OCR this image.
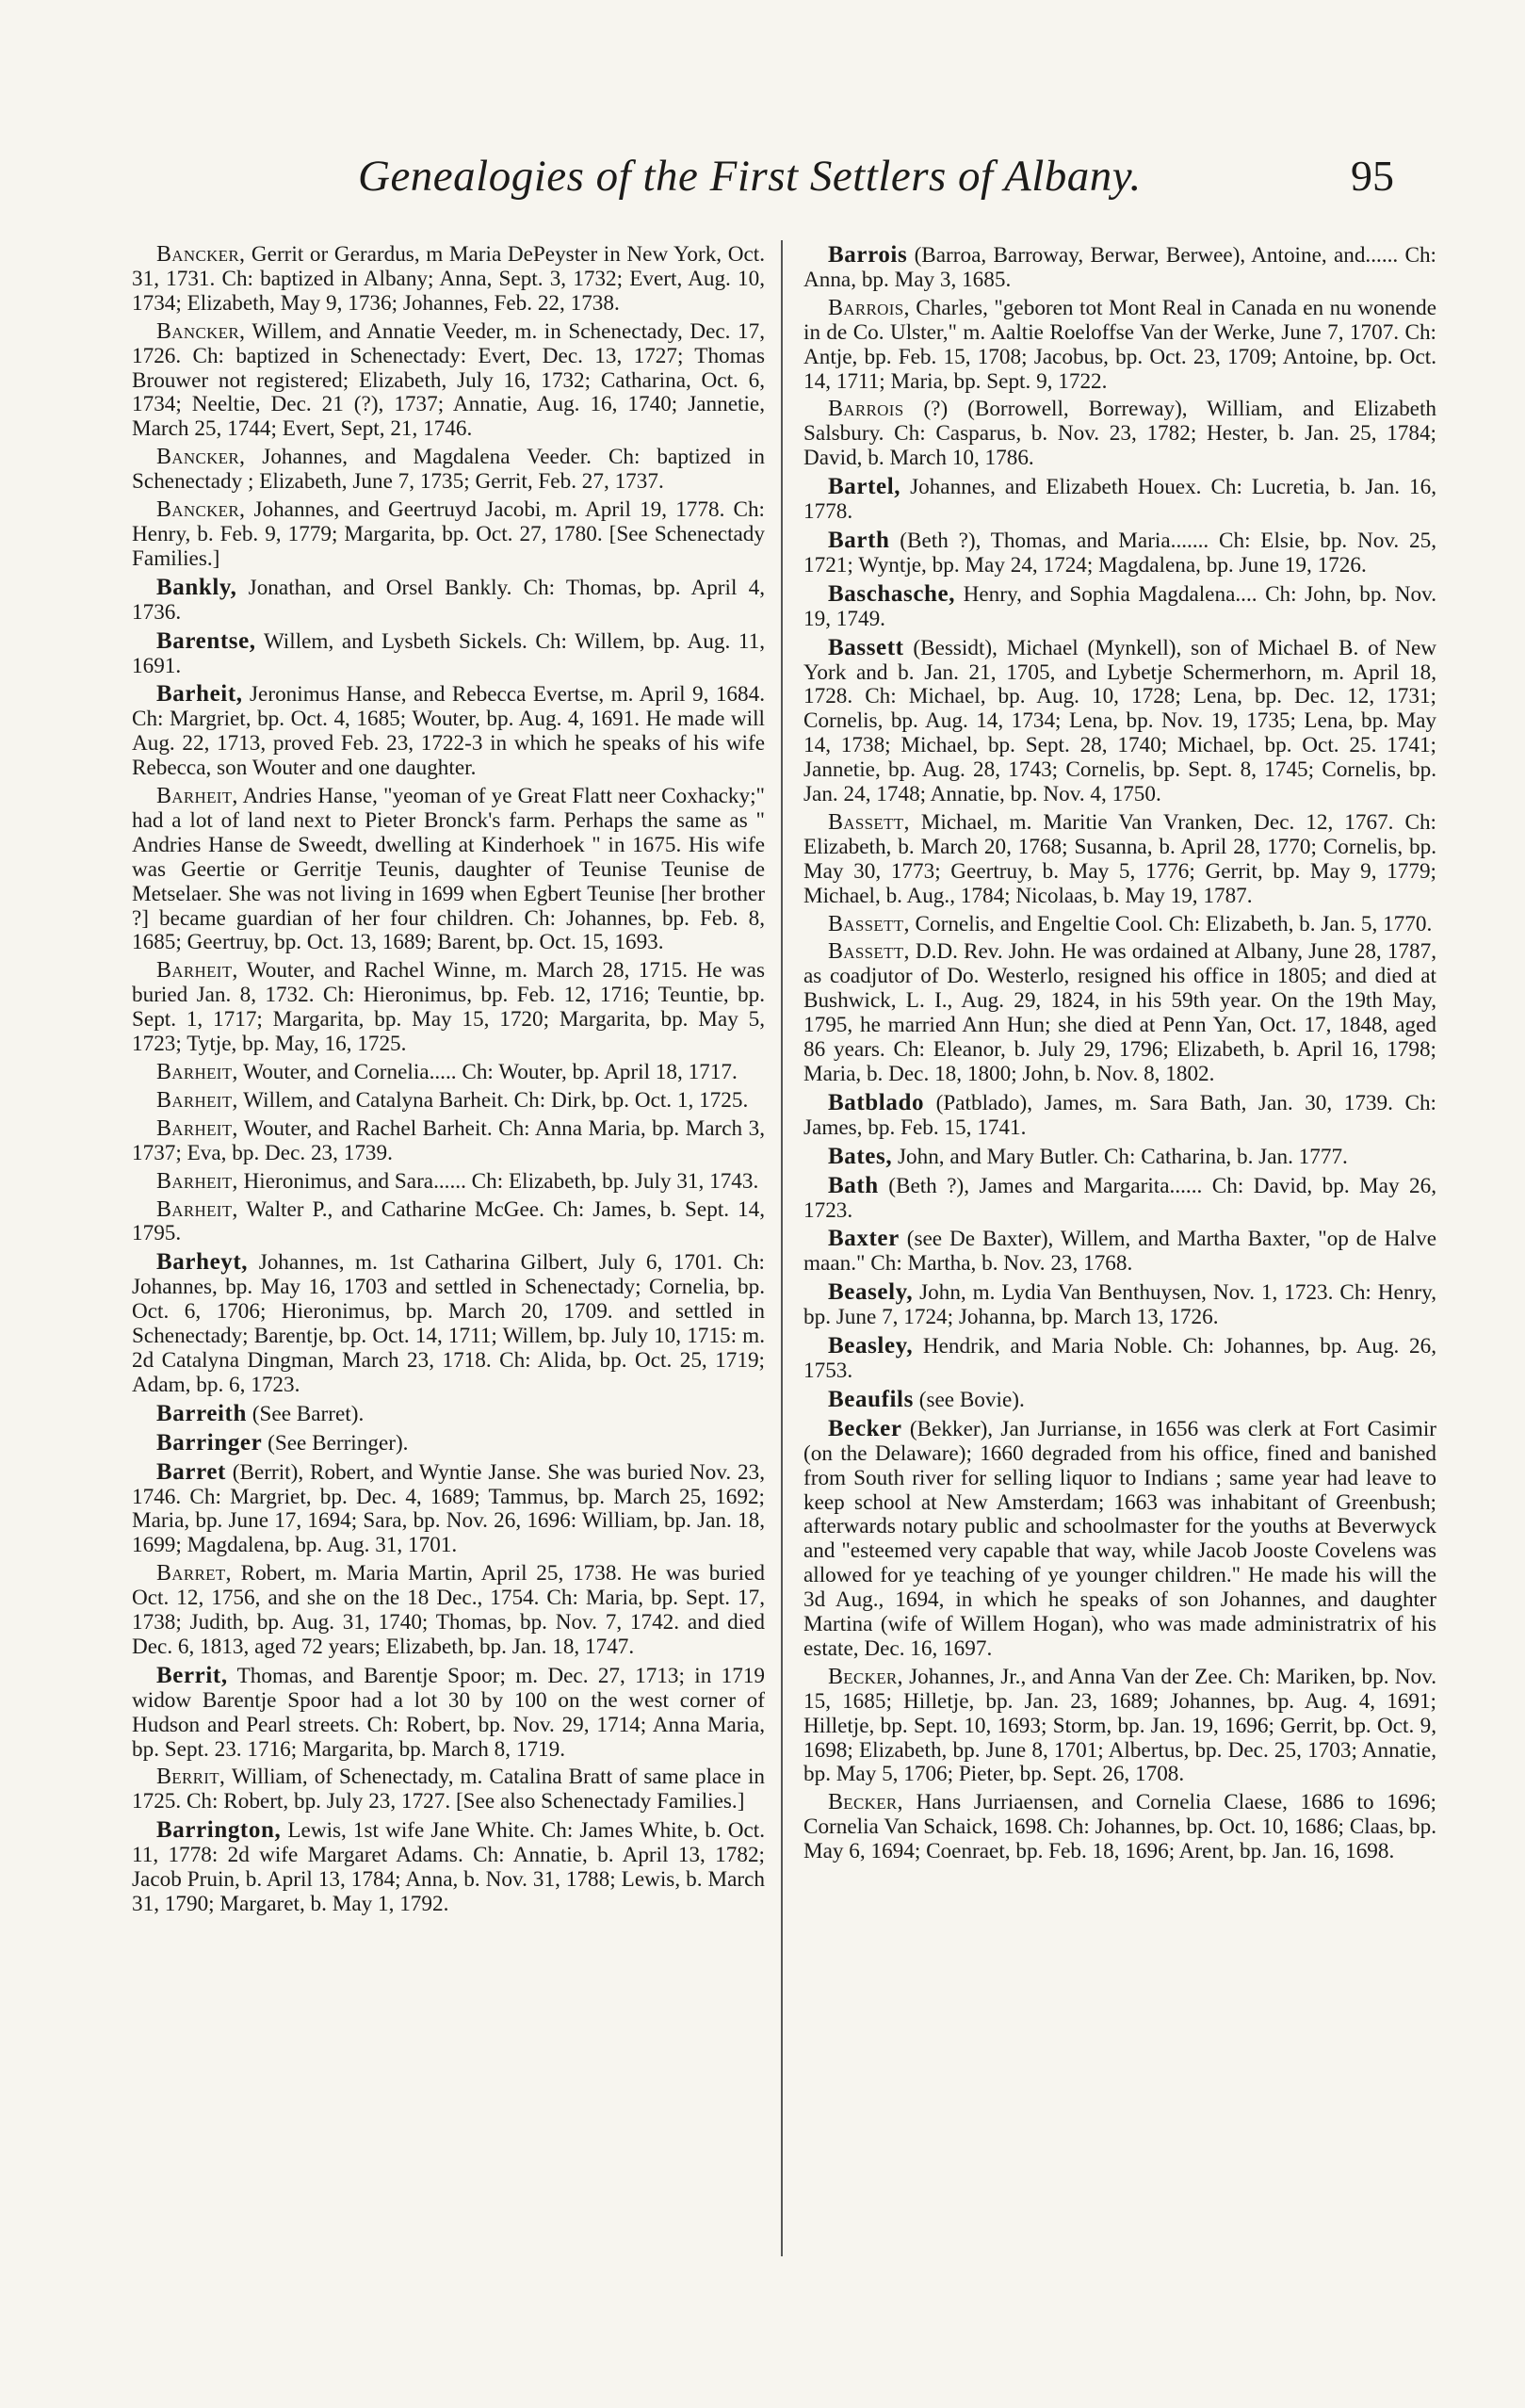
Genealogies of the First Settlers of Albany.	95

Bancker, Gerrit or Gerardus, m Maria DePeyster in New York, Oct. 31, 1731. Ch: baptized in Albany; Anna, Sept. 3, 1732; Evert, Aug. 10, 1734; Elizabeth, May 9, 1736; Johannes, Feb. 22, 1738.

Bancker, Willem, and Annatie Veeder, m. in Schenectady, Dec. 17, 1726. Ch: baptized in Schenectady: Evert, Dec. 13, 1727; Thomas Brouwer not registered; Elizabeth, July 16, 1732; Catharina, Oct. 6, 1734; Neeltie, Dec. 21 (?), 1737; Annatie, Aug. 16, 1740; Jannetie, March 25, 1744; Evert, Sept, 21, 1746.

Bancker, Johannes, and Magdalena Veeder. Ch: baptized in Schenectady ; Elizabeth, June 7, 1735; Gerrit, Feb. 27, 1737.

Bancker, Johannes, and Geertruyd Jacobi, m. April 19, 1778. Ch: Henry, b. Feb. 9, 1779; Margarita, bp. Oct. 27, 1780. [See Schenectady Families.]

Bankly, Jonathan, and Orsel Bankly. Ch: Thomas, bp. April 4, 1736.

Barentse, Willem, and Lysbeth Sickels. Ch: Willem, bp. Aug. 11, 1691.

Barheit, Jeronimus Hanse, and Rebecca Evertse, m. April 9, 1684. Ch: Margriet, bp. Oct. 4, 1685; Wouter, bp. Aug. 4, 1691. He made will Aug. 22, 1713, proved Feb. 23, 1722-3 in which he speaks of his wife Rebecca, son Wouter and one daughter.

Barheit, Andries Hanse, "yeoman of ye Great Flatt neer Coxhacky;" had a lot of land next to Pieter Bronck's farm. Perhaps the same as " Andries Hanse de Sweedt, dwelling at Kinderhoek " in 1675. His wife was Geertie or Gerritje Teunis, daughter of Teunise Teunise de Metselaer. She was not living in 1699 when Egbert Teunise [her brother ?] became guardian of her four children. Ch: Johannes, bp. Feb. 8, 1685; Geertruy, bp. Oct. 13, 1689; Barent, bp. Oct. 15, 1693.

Barheit, Wouter, and Rachel Winne, m. March 28, 1715. He was buried Jan. 8, 1732. Ch: Hieronimus, bp. Feb. 12, 1716; Teuntie, bp. Sept. 1, 1717; Margarita, bp. May 15, 1720; Margarita, bp. May 5, 1723; Tytje, bp. May, 16, 1725.

Barheit, Wouter, and Cornelia..... Ch: Wouter, bp. April 18, 1717.

Barheit, Willem, and Catalyna Barheit. Ch: Dirk, bp. Oct. 1, 1725.

Barheit, Wouter, and Rachel Barheit. Ch: Anna Maria, bp. March 3, 1737; Eva, bp. Dec. 23, 1739.

Barheit, Hieronimus, and Sara...... Ch: Elizabeth, bp. July 31, 1743.

Barheit, Walter P., and Catharine McGee. Ch: James, b. Sept. 14, 1795.

Barheyt, Johannes, m. 1st Catharina Gilbert, July 6, 1701. Ch: Johannes, bp. May 16, 1703 and settled in Schenectady; Cornelia, bp. Oct. 6, 1706; Hieronimus, bp. March 20, 1709. and settled in Schenectady; Barentje, bp. Oct. 14, 1711; Willem, bp. July 10, 1715: m. 2d Catalyna Dingman, March 23, 1718. Ch: Alida, bp. Oct. 25, 1719; Adam, bp. 6, 1723.

Barreith (See Barret).

Barringer (See Berringer).

Barret (Berrit), Robert, and Wyntie Janse. She was buried Nov. 23, 1746. Ch: Margriet, bp. Dec. 4, 1689; Tammus, bp. March 25, 1692; Maria, bp. June 17, 1694; Sara, bp. Nov. 26, 1696: William, bp. Jan. 18, 1699; Magdalena, bp. Aug. 31, 1701.

Barret, Robert, m. Maria Martin, April 25, 1738. He was buried Oct. 12, 1756, and she on the 18 Dec., 1754. Ch: Maria, bp. Sept. 17, 1738; Judith, bp. Aug. 31, 1740; Thomas, bp. Nov. 7, 1742. and died Dec. 6, 1813, aged 72 years; Elizabeth, bp. Jan. 18, 1747.

Berrit, Thomas, and Barentje Spoor; m. Dec. 27, 1713; in 1719 widow Barentje Spoor had a lot 30 by 100 on the west corner of Hudson and Pearl streets. Ch: Robert, bp. Nov. 29, 1714; Anna Maria, bp. Sept. 23. 1716; Margarita, bp. March 8, 1719.

Berrit, William, of Schenectady, m. Catalina Bratt of same place in 1725. Ch: Robert, bp. July 23, 1727. [See also Schenectady Families.]

Barrington, Lewis, 1st wife Jane White. Ch: James White, b. Oct. 11, 1778: 2d wife Margaret Adams. Ch: Annatie, b. April 13, 1782; Jacob Pruin, b. April 13, 1784; Anna, b. Nov. 31, 1788; Lewis, b. March 31, 1790; Margaret, b. May 1, 1792.

Barrois (Barroa, Barroway, Berwar, Berwee), Antoine, and...... Ch: Anna, bp. May 3, 1685.

Barrois, Charles, "geboren tot Mont Real in Canada en nu wonende in de Co. Ulster," m. Aaltie Roeloffse Van der Werke, June 7, 1707. Ch: Antje, bp. Feb. 15, 1708; Jacobus, bp. Oct. 23, 1709; Antoine, bp. Oct. 14, 1711; Maria, bp. Sept. 9, 1722.

Barrois (?) (Borrowell, Borreway), William, and Elizabeth Salsbury. Ch: Casparus, b. Nov. 23, 1782; Hester, b. Jan. 25, 1784; David, b. March 10, 1786.

Bartel, Johannes, and Elizabeth Houex. Ch: Lucretia, b. Jan. 16, 1778.

Barth (Beth ?), Thomas, and Maria....... Ch: Elsie, bp. Nov. 25, 1721; Wyntje, bp. May 24, 1724; Magdalena, bp. June 19, 1726.

Baschasche, Henry, and Sophia Magdalena.... Ch: John, bp. Nov. 19, 1749.

Bassett (Bessidt), Michael (Mynkell), son of Michael B. of New York and b. Jan. 21, 1705, and Lybetje Schermerhorn, m. April 18, 1728. Ch: Michael, bp. Aug. 10, 1728; Lena, bp. Dec. 12, 1731; Cornelis, bp. Aug. 14, 1734; Lena, bp. Nov. 19, 1735; Lena, bp. May 14, 1738; Michael, bp. Sept. 28, 1740; Michael, bp. Oct. 25. 1741; Jannetie, bp. Aug. 28, 1743; Cornelis, bp. Sept. 8, 1745; Cornelis, bp. Jan. 24, 1748; Annatie, bp. Nov. 4, 1750.

Bassett, Michael, m. Maritie Van Vranken, Dec. 12, 1767. Ch: Elizabeth, b. March 20, 1768; Susanna, b. April 28, 1770; Cornelis, bp. May 30, 1773; Geertruy, b. May 5, 1776; Gerrit, bp. May 9, 1779; Michael, b. Aug., 1784; Nicolaas, b. May 19, 1787.

Bassett, Cornelis, and Engeltie Cool. Ch: Elizabeth, b. Jan. 5, 1770.

Bassett, D.D. Rev. John. He was ordained at Albany, June 28, 1787, as coadjutor of Do. Westerlo, resigned his office in 1805; and died at Bushwick, L. I., Aug. 29, 1824, in his 59th year. On the 19th May, 1795, he married Ann Hun; she died at Penn Yan, Oct. 17, 1848, aged 86 years. Ch: Eleanor, b. July 29, 1796; Elizabeth, b. April 16, 1798; Maria, b. Dec. 18, 1800; John, b. Nov. 8, 1802.

Batblado (Patblado), James, m. Sara Bath, Jan. 30, 1739. Ch: James, bp. Feb. 15, 1741.

Bates, John, and Mary Butler. Ch: Catharina, b. Jan. 1777.

Bath (Beth ?), James and Margarita...... Ch: David, bp. May 26, 1723.

Baxter (see De Baxter), Willem, and Martha Baxter, "op de Halve maan." Ch: Martha, b. Nov. 23, 1768.

Beasely, John, m. Lydia Van Benthuysen, Nov. 1, 1723. Ch: Henry, bp. June 7, 1724; Johanna, bp. March 13, 1726.

Beasley, Hendrik, and Maria Noble. Ch: Johannes, bp. Aug. 26, 1753.

Beaufils (see Bovie).

Becker (Bekker), Jan Jurrianse, in 1656 was clerk at Fort Casimir (on the Delaware); 1660 degraded from his office, fined and banished from South river for selling liquor to Indians ; same year had leave to keep school at New Amsterdam; 1663 was inhabitant of Greenbush; afterwards notary public and schoolmaster for the youths at Beverwyck and "esteemed very capable that way, while Jacob Jooste Covelens was allowed for ye teaching of ye younger children." He made his will the 3d Aug., 1694, in which he speaks of son Johannes, and daughter Martina (wife of Willem Hogan), who was made administratrix of his estate, Dec. 16, 1697.

Becker, Johannes, Jr., and Anna Van der Zee. Ch: Mariken, bp. Nov. 15, 1685; Hilletje, bp. Jan. 23, 1689; Johannes, bp. Aug. 4, 1691; Hilletje, bp. Sept. 10, 1693; Storm, bp. Jan. 19, 1696; Gerrit, bp. Oct. 9, 1698; Elizabeth, bp. June 8, 1701; Albertus, bp. Dec. 25, 1703; Annatie, bp. May 5, 1706; Pieter, bp. Sept. 26, 1708.

Becker, Hans Jurriaensen, and Cornelia Claese, 1686 to 1696; Cornelia Van Schaick, 1698. Ch: Johannes, bp. Oct. 10, 1686; Claas, bp. May 6, 1694; Coenraet, bp. Feb. 18, 1696; Arent, bp. Jan. 16, 1698.
